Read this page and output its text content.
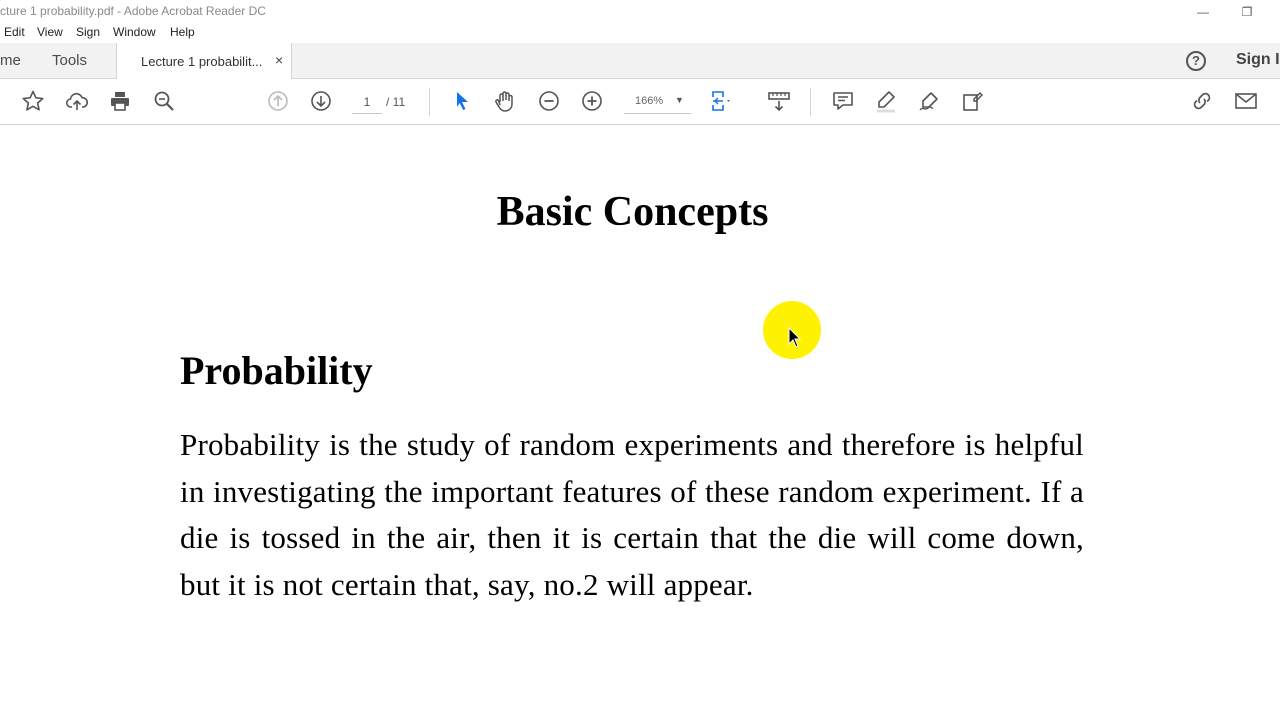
cture 1 probability.pdf - Adobe Acrobat Reader DC	—	❐
Edit View Sign Window Help
me Tools	Lecture 1 probabilit... ×	?	Sign I
1	/ 11	166% ▼
Basic Concepts
Probability
Probability is the study of random experiments and therefore is helpful in investigating the important features of these random experiment. If a die is tossed in the air, then it is certain that the die will come down, but it is not certain that, say, no.2 will appear.
